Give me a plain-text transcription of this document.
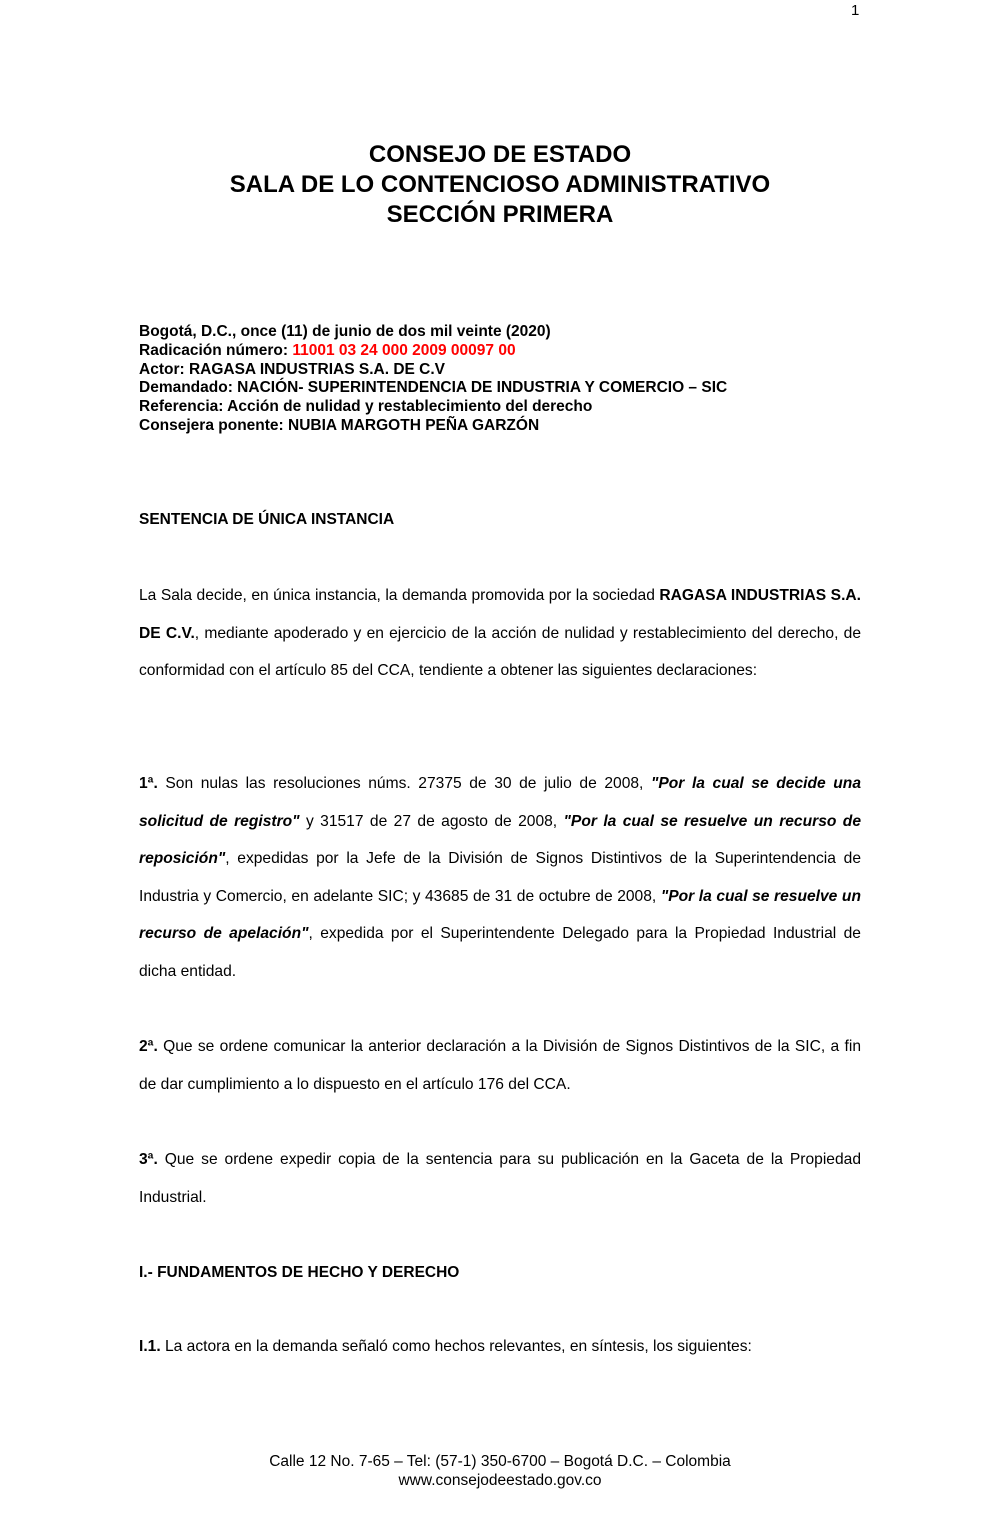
1
CONSEJO DE ESTADO
SALA DE LO CONTENCIOSO ADMINISTRATIVO
SECCIÓN PRIMERA
Bogotá, D.C., once (11) de junio de dos mil veinte (2020)
Radicación número: 11001 03 24 000 2009 00097 00
Actor: RAGASA INDUSTRIAS S.A. DE C.V
Demandado: NACIÓN- SUPERINTENDENCIA DE INDUSTRIA Y COMERCIO – SIC
Referencia: Acción de nulidad y restablecimiento del derecho
Consejera ponente: NUBIA MARGOTH PEÑA GARZÓN
SENTENCIA DE ÚNICA INSTANCIA
La Sala decide, en única instancia, la demanda promovida por la sociedad RAGASA INDUSTRIAS S.A. DE C.V., mediante apoderado y en ejercicio de la acción de nulidad y restablecimiento del derecho, de conformidad con el artículo 85 del CCA, tendiente a obtener las siguientes declaraciones:
1ª. Son nulas las resoluciones núms. 27375 de 30 de julio de 2008, "Por la cual se decide una solicitud de registro" y 31517 de 27 de agosto de 2008, "Por la cual se resuelve un recurso de reposición", expedidas por la Jefe de la División de Signos Distintivos de la Superintendencia de Industria y Comercio, en adelante SIC; y 43685 de 31 de octubre de 2008, "Por la cual se resuelve un recurso de apelación", expedida por el Superintendente Delegado para la Propiedad Industrial de dicha entidad.
2ª. Que se ordene comunicar la anterior declaración a la División de Signos Distintivos de la SIC, a fin de dar cumplimiento a lo dispuesto en el artículo 176 del CCA.
3ª. Que se ordene expedir copia de la sentencia para su publicación en la Gaceta de la Propiedad Industrial.
I.- FUNDAMENTOS DE HECHO Y DERECHO
I.1. La actora en la demanda señaló como hechos relevantes, en síntesis, los siguientes:
Calle 12 No. 7-65 – Tel: (57-1) 350-6700 – Bogotá D.C. – Colombia
www.consejodeestado.gov.co
